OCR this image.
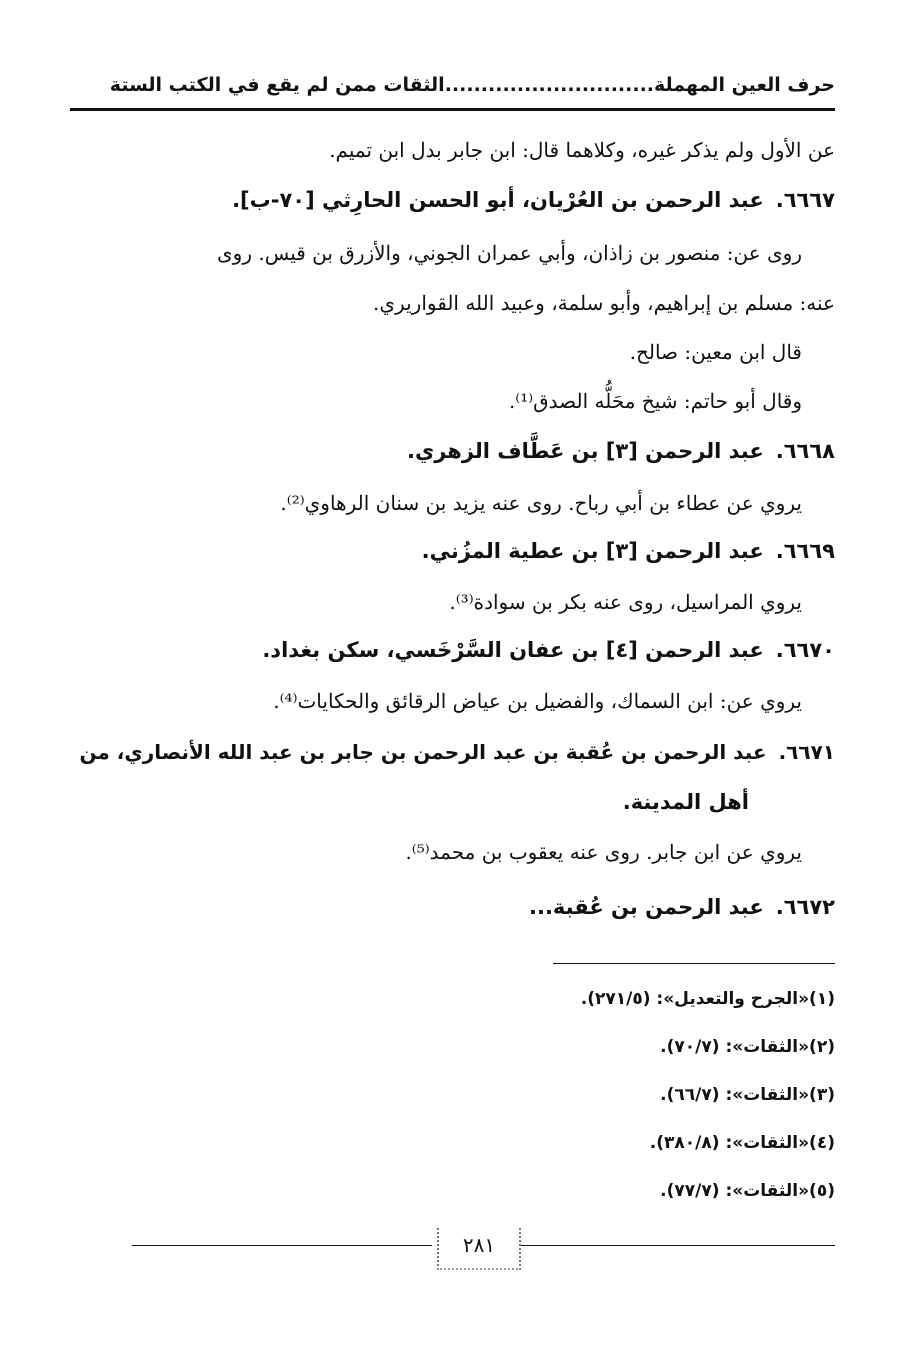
حرف العين المهملة.............................الثقات ممن لم يقع في الكتب الستة
عن الأول ولم يذكر غيره، وكلاهما قال: ابن جابر بدل ابن تميم.
٦٦٦٧.عبد الرحمن بن العُرْيان، أبو الحسن الحارِثي [٧٠-ب].
روى عن: منصور بن زاذان، وأبي عمران الجوني، والأزرق بن قيس. روى
عنه: مسلم بن إبراهيم، وأبو سلمة، وعبيد الله القواريري.
قال ابن معين: صالح.
وقال أبو حاتم: شيخ محَلُّه الصدق⁽¹⁾.
٦٦٦٨.عبد الرحمن [٣] بن عَطَّاف الزهري.
يروي عن عطاء بن أبي رباح. روى عنه يزيد بن سنان الرهاوي⁽²⁾.
٦٦٦٩.عبد الرحمن [٣] بن عطية المزُني.
يروي المراسيل، روى عنه بكر بن سوادة⁽³⁾.
٦٦٧٠.عبد الرحمن [٤] بن عفان السَّرْخَسي، سكن بغداد.
يروي عن: ابن السماك، والفضيل بن عياض الرقائق والحكايات⁽⁴⁾.
٦٦٧١.عبد الرحمن بن عُقبة بن عبد الرحمن بن جابر بن عبد الله الأنصاري، من
أهل المدينة.
يروي عن ابن جابر. روى عنه يعقوب بن محمد⁽⁵⁾.
٦٦٧٢.عبد الرحمن بن عُقبة...
(١)«الجرح والتعديل»: (٢٧١/٥).
(٢)«الثقات»: (٧٠/٧).
(٣)«الثقات»: (٦٦/٧).
(٤)«الثقات»: (٣٨٠/٨).
(٥)«الثقات»: (٧٧/٧).
٢٨١
